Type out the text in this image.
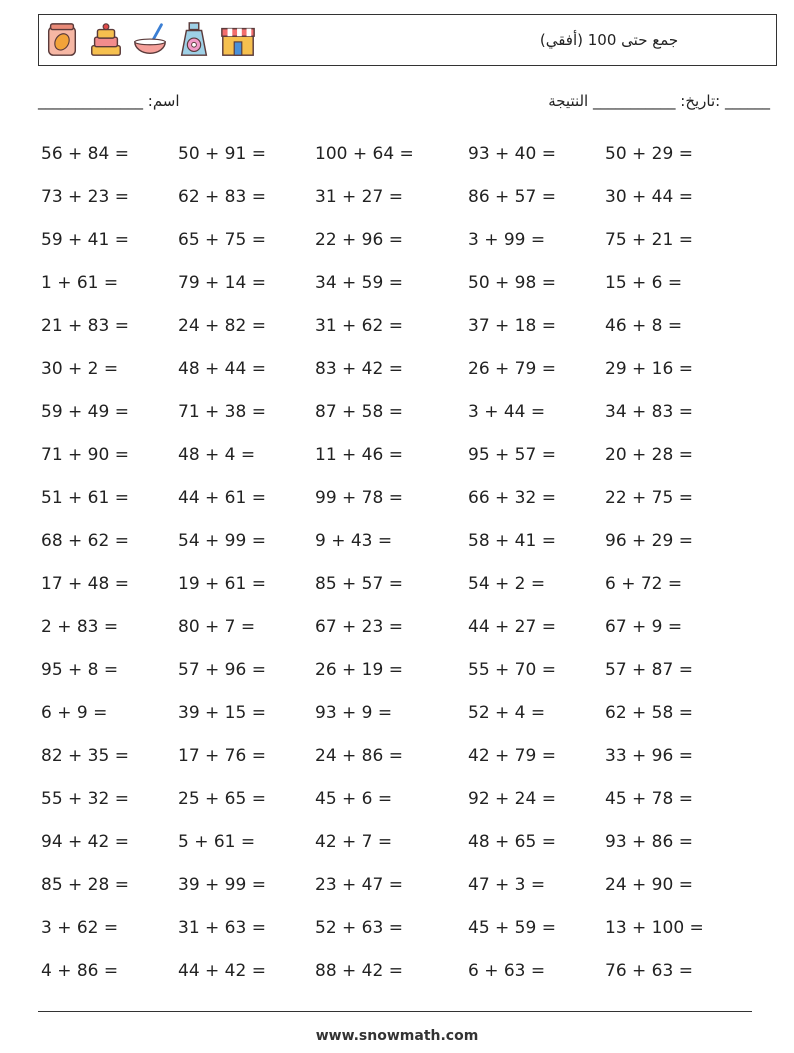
جمع حتى 100 (أفقي)
اسم: ______________	______ :تاريخ: ___________ النتيجة
56 + 84 =	50 + 91 =	100 + 64 =	93 + 40 =	50 + 29 =
73 + 23 =	62 + 83 =	31 + 27 =	86 + 57 =	30 + 44 =
59 + 41 =	65 + 75 =	22 + 96 =	3 + 99 =	75 + 21 =
1 + 61 =	79 + 14 =	34 + 59 =	50 + 98 =	15 + 6 =
21 + 83 =	24 + 82 =	31 + 62 =	37 + 18 =	46 + 8 =
30 + 2 =	48 + 44 =	83 + 42 =	26 + 79 =	29 + 16 =
59 + 49 =	71 + 38 =	87 + 58 =	3 + 44 =	34 + 83 =
71 + 90 =	48 + 4 =	11 + 46 =	95 + 57 =	20 + 28 =
51 + 61 =	44 + 61 =	99 + 78 =	66 + 32 =	22 + 75 =
68 + 62 =	54 + 99 =	9 + 43 =	58 + 41 =	96 + 29 =
17 + 48 =	19 + 61 =	85 + 57 =	54 + 2 =	6 + 72 =
2 + 83 =	80 + 7 =	67 + 23 =	44 + 27 =	67 + 9 =
95 + 8 =	57 + 96 =	26 + 19 =	55 + 70 =	57 + 87 =
6 + 9 =	39 + 15 =	93 + 9 =	52 + 4 =	62 + 58 =
82 + 35 =	17 + 76 =	24 + 86 =	42 + 79 =	33 + 96 =
55 + 32 =	25 + 65 =	45 + 6 =	92 + 24 =	45 + 78 =
94 + 42 =	5 + 61 =	42 + 7 =	48 + 65 =	93 + 86 =
85 + 28 =	39 + 99 =	23 + 47 =	47 + 3 =	24 + 90 =
3 + 62 =	31 + 63 =	52 + 63 =	45 + 59 =	13 + 100 =
4 + 86 =	44 + 42 =	88 + 42 =	6 + 63 =	76 + 63 =
www.snowmath.com
